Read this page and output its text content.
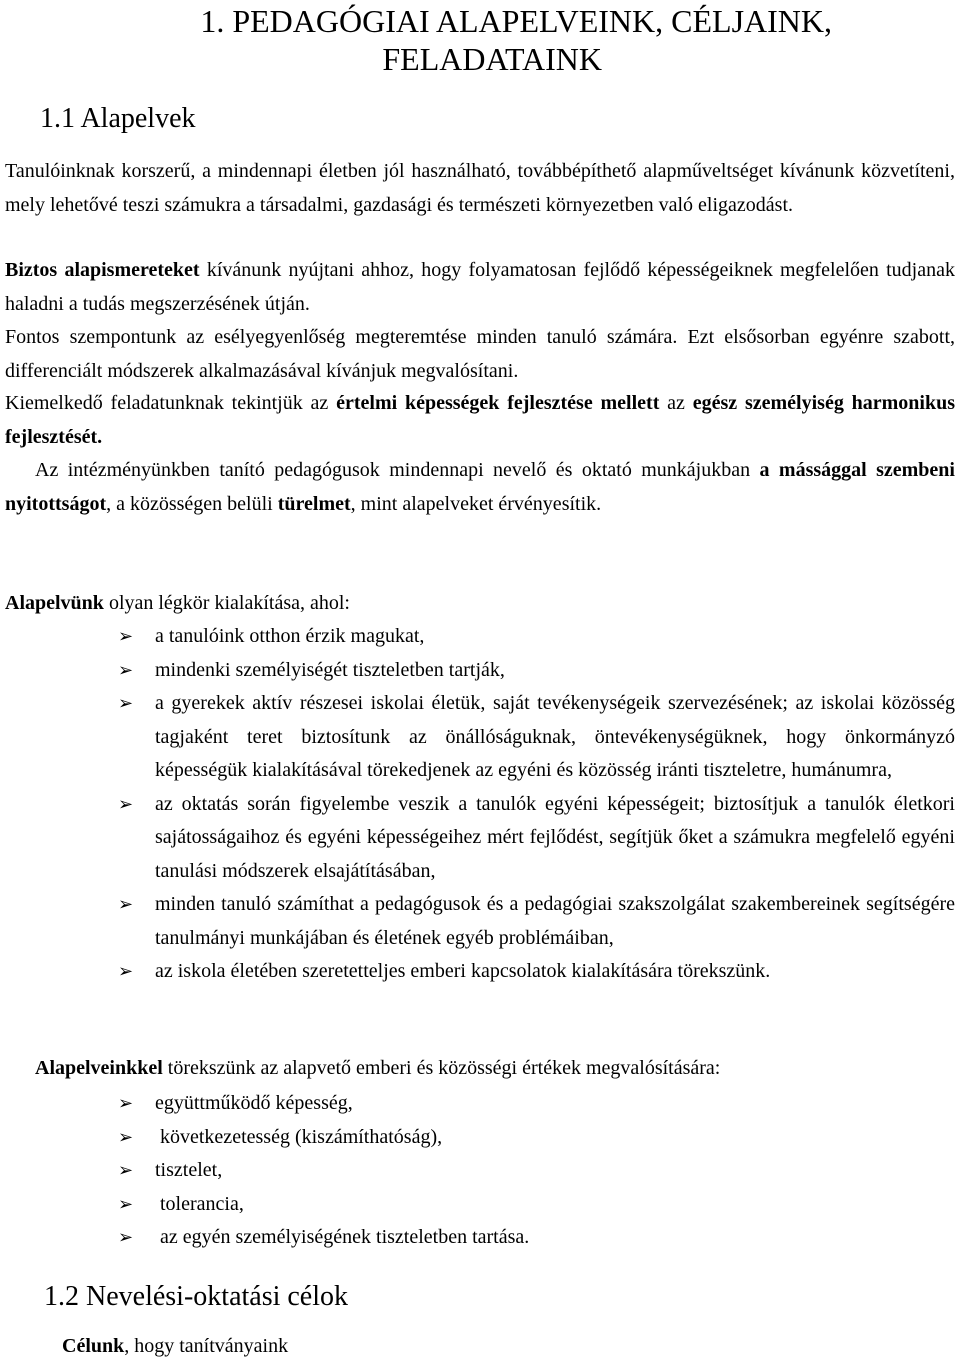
1. PEDAGÓGIAI ALAPELVEINK, CÉLJAINK,
FELADATAINK
1.1 Alapelvek

Tanulóinknak korszerű, a mindennapi életben jól használható, továbbépíthető alapműveltséget kívánunk közvetíteni, mely lehetővé teszi számukra a társadalmi, gazdasági és természeti környezetben való eligazodást.

Biztos alapismereteket kívánunk nyújtani ahhoz, hogy folyamatosan fejlődő képességeiknek megfelelően tudjanak haladni a tudás megszerzésének útján.

Fontos szempontunk az esélyegyenlőség megteremtése minden tanuló számára. Ezt elsősorban egyénre szabott, differenciált módszerek alkalmazásával kívánjuk megvalósítani.

Kiemelkedő feladatunknak tekintjük az értelmi képességek fejlesztése mellett az egész személyiség harmonikus fejlesztését.

Az intézményünkben tanító pedagógusok mindennapi nevelő és oktató munkájukban a mássággal szembeni nyitottságot, a közösségen belüli türelmet, mint alapelveket érvényesítik.

Alapelvünk olyan légkör kialakítása, ahol:

➢ a tanulóink otthon érzik magukat,
➢ mindenki személyiségét tiszteletben tartják,
➢ a gyerekek aktív részesei iskolai életük, saját tevékenységeik szervezésének; az iskolai közösség tagjaként teret biztosítunk az önállóságuknak, öntevékenységüknek, hogy önkormányzó képességük kialakításával törekedjenek az egyéni és közösség iránti tiszteletre, humánumra,
➢ az oktatás során figyelembe veszik a tanulók egyéni képességeit; biztosítjuk a tanulók életkori sajátosságaihoz és egyéni képességeihez mért fejlődést, segítjük őket a számukra megfelelő egyéni tanulási módszerek elsajátításában,
➢ minden tanuló számíthat a pedagógusok és a pedagógiai szakszolgálat szakembereinek segítségére tanulmányi munkájában és életének egyéb problémáiban,
➢ az iskola életében szeretetteljes emberi kapcsolatok kialakítására törekszünk.

Alapelveinkkel törekszünk az alapvető emberi és közösségi értékek megvalósítására:

➢ együttműködő képesség,
➢ következetesség (kiszámíthatóság),
➢ tisztelet,
➢ tolerancia,
➢ az egyén személyiségének tiszteletben tartása.
1.2 Nevelési-oktatási célok

Célunk, hogy tanítványaink
